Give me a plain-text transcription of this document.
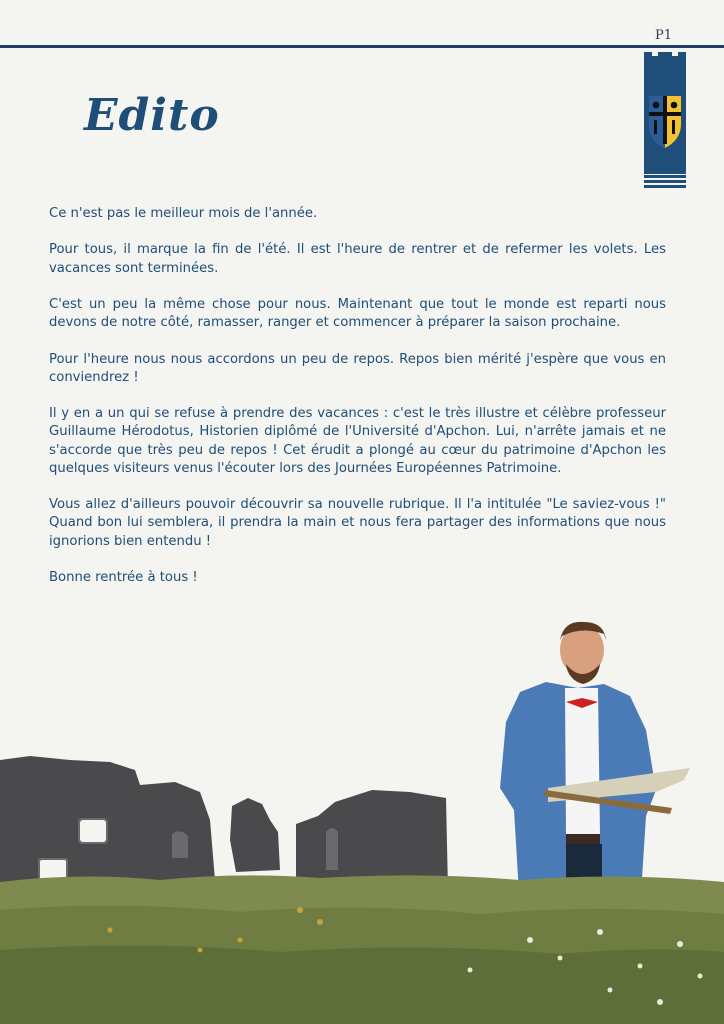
P1
Edito

Ce n'est pas le meilleur mois de l'année.

Pour tous, il marque la fin de l'été. Il est l'heure de rentrer et de refermer les volets. Les vacances sont terminées.

C'est un peu la même chose pour nous. Maintenant que tout le monde est reparti nous devons de notre côté, ramasser, ranger et commencer à préparer la saison prochaine.

Pour l'heure nous nous accordons un peu de repos. Repos bien mérité j'espère que vous en conviendrez !

Il y en a un qui se refuse à prendre des vacances : c'est le très illustre et célèbre professeur Guillaume Hérodotus, Historien diplômé de l'Université d'Apchon. Lui, n'arrête jamais et ne s'accorde que très peu de repos ! Cet érudit a plongé au cœur du patrimoine d'Apchon les quelques visiteurs venus l'écouter lors des Journées Européennes Patrimoine.

Vous allez d'ailleurs pouvoir découvrir sa nouvelle rubrique. Il l'a intitulée "Le saviez-vous !" Quand bon lui semblera, il prendra la main et nous fera partager des informations que nous ignorions bien entendu !

Bonne rentrée à tous !
